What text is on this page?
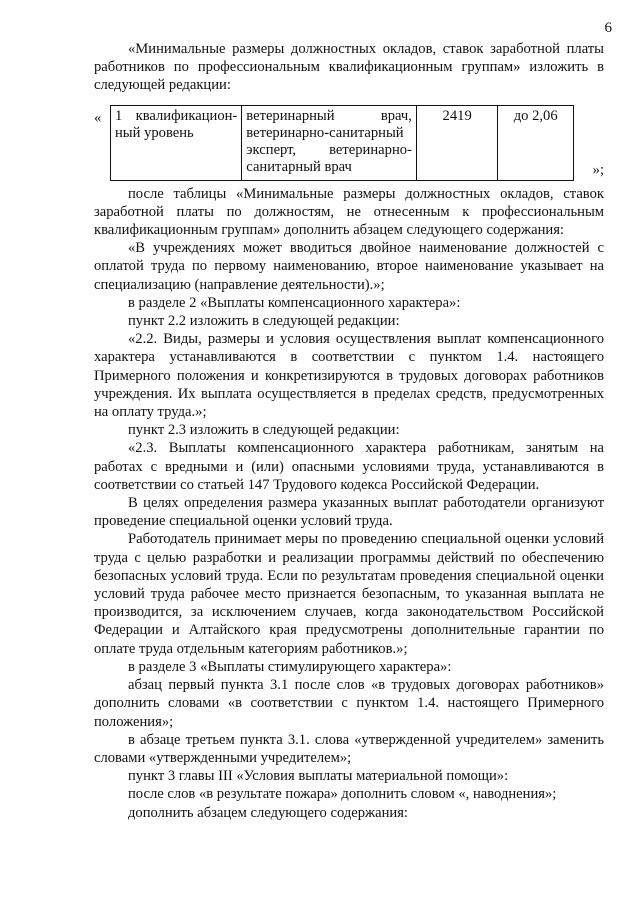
6

«Минимальные размеры должностных окладов, ставок заработной платы работников по профессиональным квалификационным группам» изложить в следующей редакции:

« 1 квалификацион-ный уровень	ветеринарный врач, ветеринарно-санитарный эксперт, ветеринарно-санитарный врач	2419	до 2,06
»;

после таблицы «Минимальные размеры должностных окладов, ставок заработной платы по должностям, не отнесенным к профессиональным квалификационным группам» дополнить абзацем следующего содержания:

«В учреждениях может вводиться двойное наименование должностей с оплатой труда по первому наименованию, второе наименование указывает на специализацию (направление деятельности).»;

в разделе 2 «Выплаты компенсационного характера»:

пункт 2.2 изложить в следующей редакции:

«2.2. Виды, размеры и условия осуществления выплат компенсационного характера устанавливаются в соответствии с пунктом 1.4. настоящего Примерного положения и конкретизируются в трудовых договорах работников учреждения. Их выплата осуществляется в пределах средств, предусмотренных на оплату труда.»;

пункт 2.3 изложить в следующей редакции:

«2.3. Выплаты компенсационного характера работникам, занятым на работах с вредными и (или) опасными условиями труда, устанавливаются в соответствии со статьей 147 Трудового кодекса Российской Федерации.

В целях определения размера указанных выплат работодатели организуют проведение специальной оценки условий труда.

Работодатель принимает меры по проведению специальной оценки условий труда с целью разработки и реализации программы действий по обеспечению безопасных условий труда. Если по результатам проведения специальной оценки условий труда рабочее место признается безопасным, то указанная выплата не производится, за исключением случаев, когда законодательством Российской Федерации и Алтайского края предусмотрены дополнительные гарантии по оплате труда отдельным категориям работников.»;

в разделе 3 «Выплаты стимулирующего характера»:

абзац первый пункта 3.1 после слов «в трудовых договорах работников» дополнить словами «в соответствии с пунктом 1.4. настоящего Примерного положения»;

в абзаце третьем пункта 3.1. слова «утвержденной учредителем» заменить словами «утвержденными учредителем»;

пункт 3 главы III «Условия выплаты материальной помощи»:

после слов «в результате пожара» дополнить словом «, наводнения»;

дополнить абзацем следующего содержания:
